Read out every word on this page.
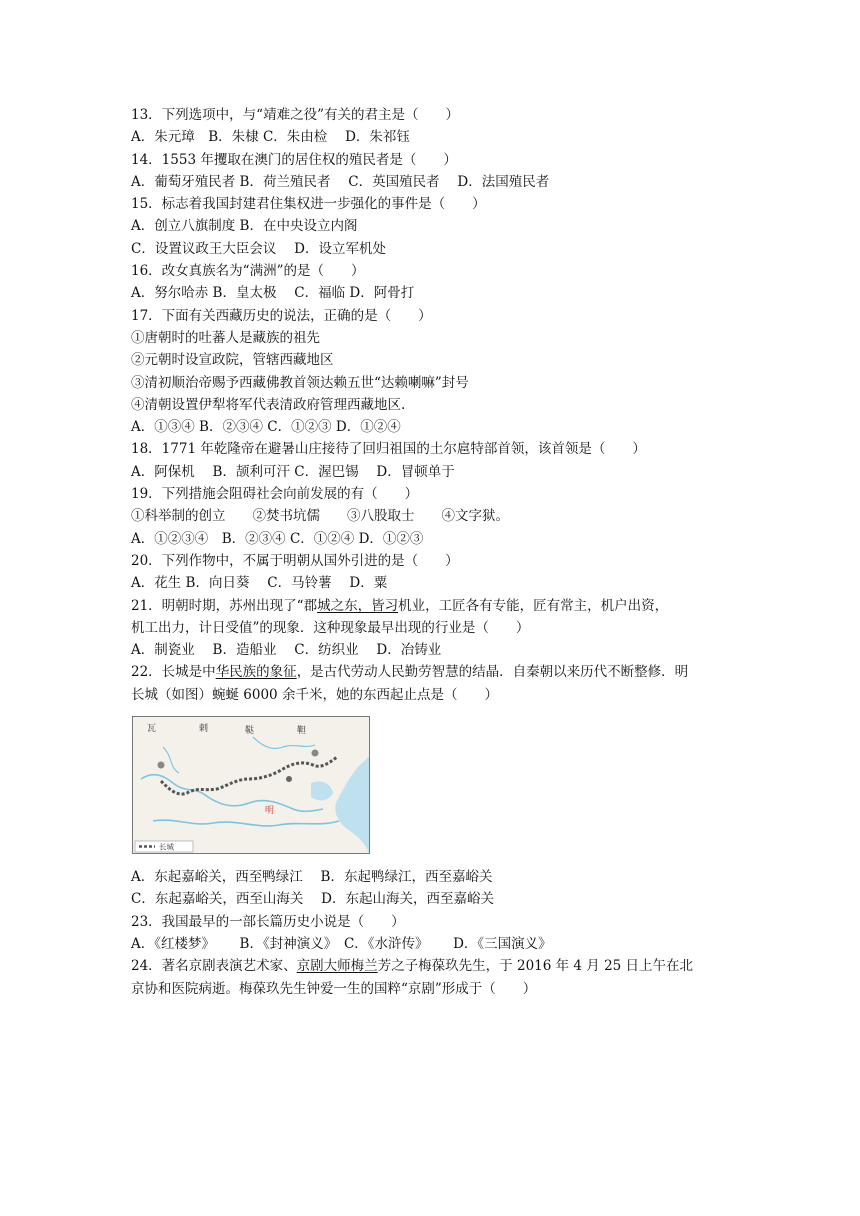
13．下列选项中，与“靖难之役”有关的君主是（　　）
A．朱元璋　B．朱棣 C．朱由检　 D．朱祁钰
14．1553 年攫取在澳门的居住权的殖民者是（　　）
A．葡萄牙殖民者 B．荷兰殖民者　 C．英国殖民者　 D．法国殖民者
15．标志着我国封建君住集权进一步强化的事件是（　　）
A．创立八旗制度 B．在中央设立内阁
C．设置议政王大臣会议　 D．设立军机处
16．改女真族名为“满洲”的是（　　）
A．努尔哈赤 B．皇太极　 C．福临 D．阿骨打
17．下面有关西藏历史的说法，正确的是（　　）
①唐朝时的吐蕃人是藏族的祖先
②元朝时设宣政院，管辖西藏地区
③清初顺治帝赐予西藏佛教首领达赖五世“达赖喇嘛”封号
④清朝设置伊犁将军代表清政府管理西藏地区.
A．①③④ B．②③④ C．①②③ D．①②④
18．1771 年乾隆帝在避暑山庄接待了回归祖国的土尔扈特部首领，该首领是（　　）
A．阿保机　 B．颉利可汗 C．渥巴锡　 D．冒顿单于
19．下列措施会阻碍社会向前发展的有（　　）
①科举制的创立　　②焚书坑儒　　③八股取士　　④文字狱。
A．①②③④　B．②③④ C．①②④ D．①②③
20．下列作物中，不属于明朝从国外引进的是（　　）
A．花生 B．向日葵　 C．马铃薯　 D．粟
21．明朝时期，苏州出现了“郡城之东，皆习机业，工匠各有专能，匠有常主，机户出资，
机工出力，计日受值”的现象．这种现象最早出现的行业是（　　）
A．制瓷业　 B．造船业　 C．纺织业　 D．冶铸业
22．长城是中华民族的象征，是古代劳动人民勤劳智慧的结晶．自秦朝以来历代不断整修．明
长城（如图）蜿蜒 6000 余千米，她的东西起止点是（　　）
瓦	剌	鞑	靼
明
长城
A．东起嘉峪关，西至鸭绿江　 B．东起鸭绿江，西至嘉峪关
C．东起嘉峪关，西至山海关　 D．东起山海关，西至嘉峪关
23．我国最早的一部长篇历史小说是（　　）
A．《红楼梦》　　 B．《封神演义》　C．《水浒传》　　 D．《三国演义》
24．著名京剧表演艺术家、京剧大师梅兰芳之子梅葆玖先生，于 2016 年 4 月 25 日上午在北
京协和医院病逝。梅葆玖先生钟爱一生的国粹“京剧”形成于（　　）
